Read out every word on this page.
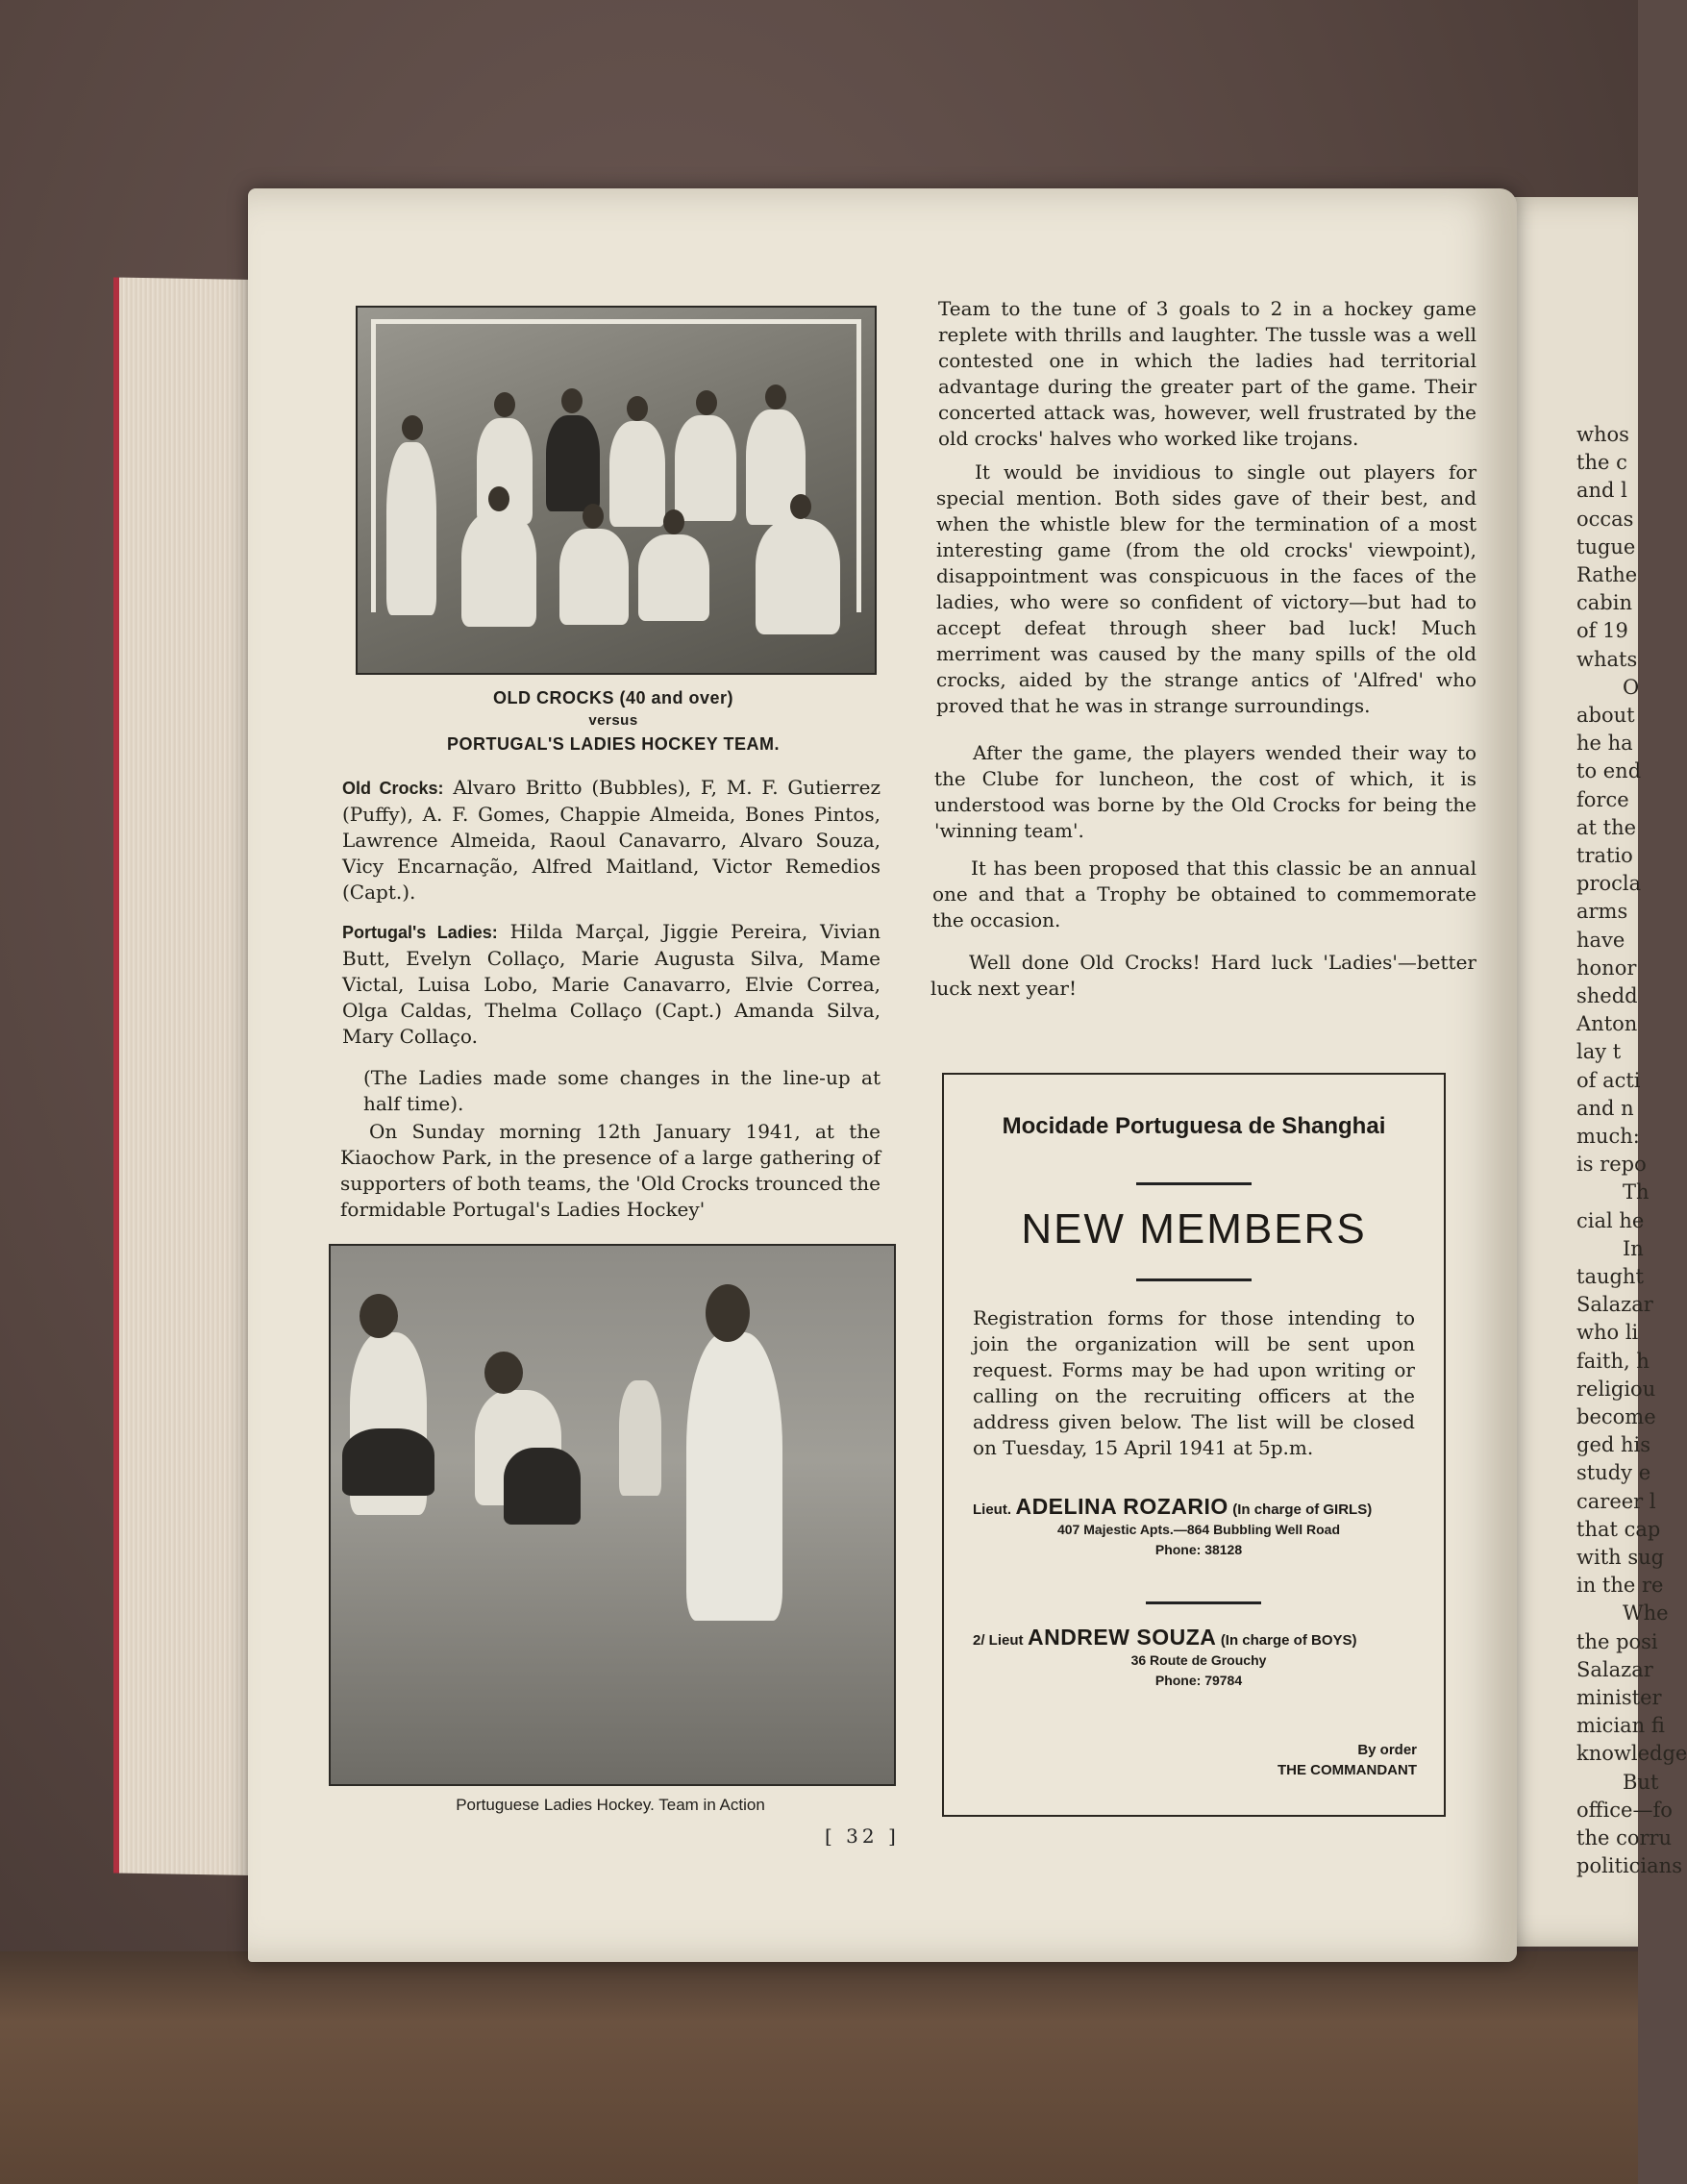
whos
the c
and l
occas
tugue
Rathe
cabin
of 19
whats
O
about
he ha
to end
force
at the
tratio
procla
arms
have
honor
shedd
Anton
lay t
of acti
and n
much:
is repo
Th
cial he
In
taught
Salazar
who li
faith, h
religiou
become
ged his
study e
career l
that cap
with sug
in the re
Whe
the posi
Salazar
minister
mician fi
knowledge
But
office—fo
the corru
politicians
OLD CROCKS (40 and over)
versus
PORTUGAL'S LADIES HOCKEY TEAM.
Old Crocks: Alvaro Britto (Bubbles), F, M. F. Gutierrez (Puffy), A. F. Gomes, Chappie Almeida, Bones Pintos, Lawrence Almeida, Raoul Canavarro, Alvaro Souza, Vicy Encarnação, Alfred Maitland, Victor Remedios (Capt.).
Portugal's Ladies: Hilda Marçal, Jiggie Pereira, Vivian Butt, Evelyn Collaço, Marie Augusta Silva, Mame Victal, Luisa Lobo, Marie Canavarro, Elvie Correa, Olga Caldas, Thelma Collaço (Capt.) Amanda Silva, Mary Collaço.
(The Ladies made some changes in the line-up at half time).
On Sunday morning 12th January 1941, at the Kiaochow Park, in the presence of a large gathering of supporters of both teams, the 'Old Crocks trounced the formidable Portugal's Ladies Hockey'
Portuguese Ladies Hockey. Team in Action
Team to the tune of 3 goals to 2 in a hockey game replete with thrills and laughter. The tussle was a well contested one in which the ladies had territorial advantage during the greater part of the game. Their concerted attack was, however, well frustrated by the old crocks' halves who worked like trojans.
It would be invidious to single out players for special mention. Both sides gave of their best, and when the whistle blew for the termination of a most interesting game (from the old crocks' viewpoint), disappointment was conspicuous in the faces of the ladies, who were so confident of victory—but had to accept defeat through sheer bad luck! Much merriment was caused by the many spills of the old crocks, aided by the strange antics of 'Alfred' who proved that he was in strange surroundings.
After the game, the players wended their way to the Clube for luncheon, the cost of which, it is understood was borne by the Old Crocks for being the 'winning team'.
It has been proposed that this classic be an annual one and that a Trophy be obtained to commemorate the occasion.
Well done Old Crocks! Hard luck 'Ladies'—better luck next year!
Mocidade Portuguesa de Shanghai
NEW MEMBERS
Registration forms for those intending to join the organization will be sent upon request. Forms may be had upon writing or calling on the recruiting officers at the address given below. The list will be closed on Tuesday, 15 April 1941 at 5p.m.
Lieut. ADELINA ROZARIO (In charge of GIRLS)
407 Majestic Apts.—864 Bubbling Well Road
Phone: 38128
2/ Lieut ANDREW SOUZA (In charge of BOYS)
36 Route de Grouchy
Phone: 79784
By order
THE COMMANDANT
[ 32 ]
